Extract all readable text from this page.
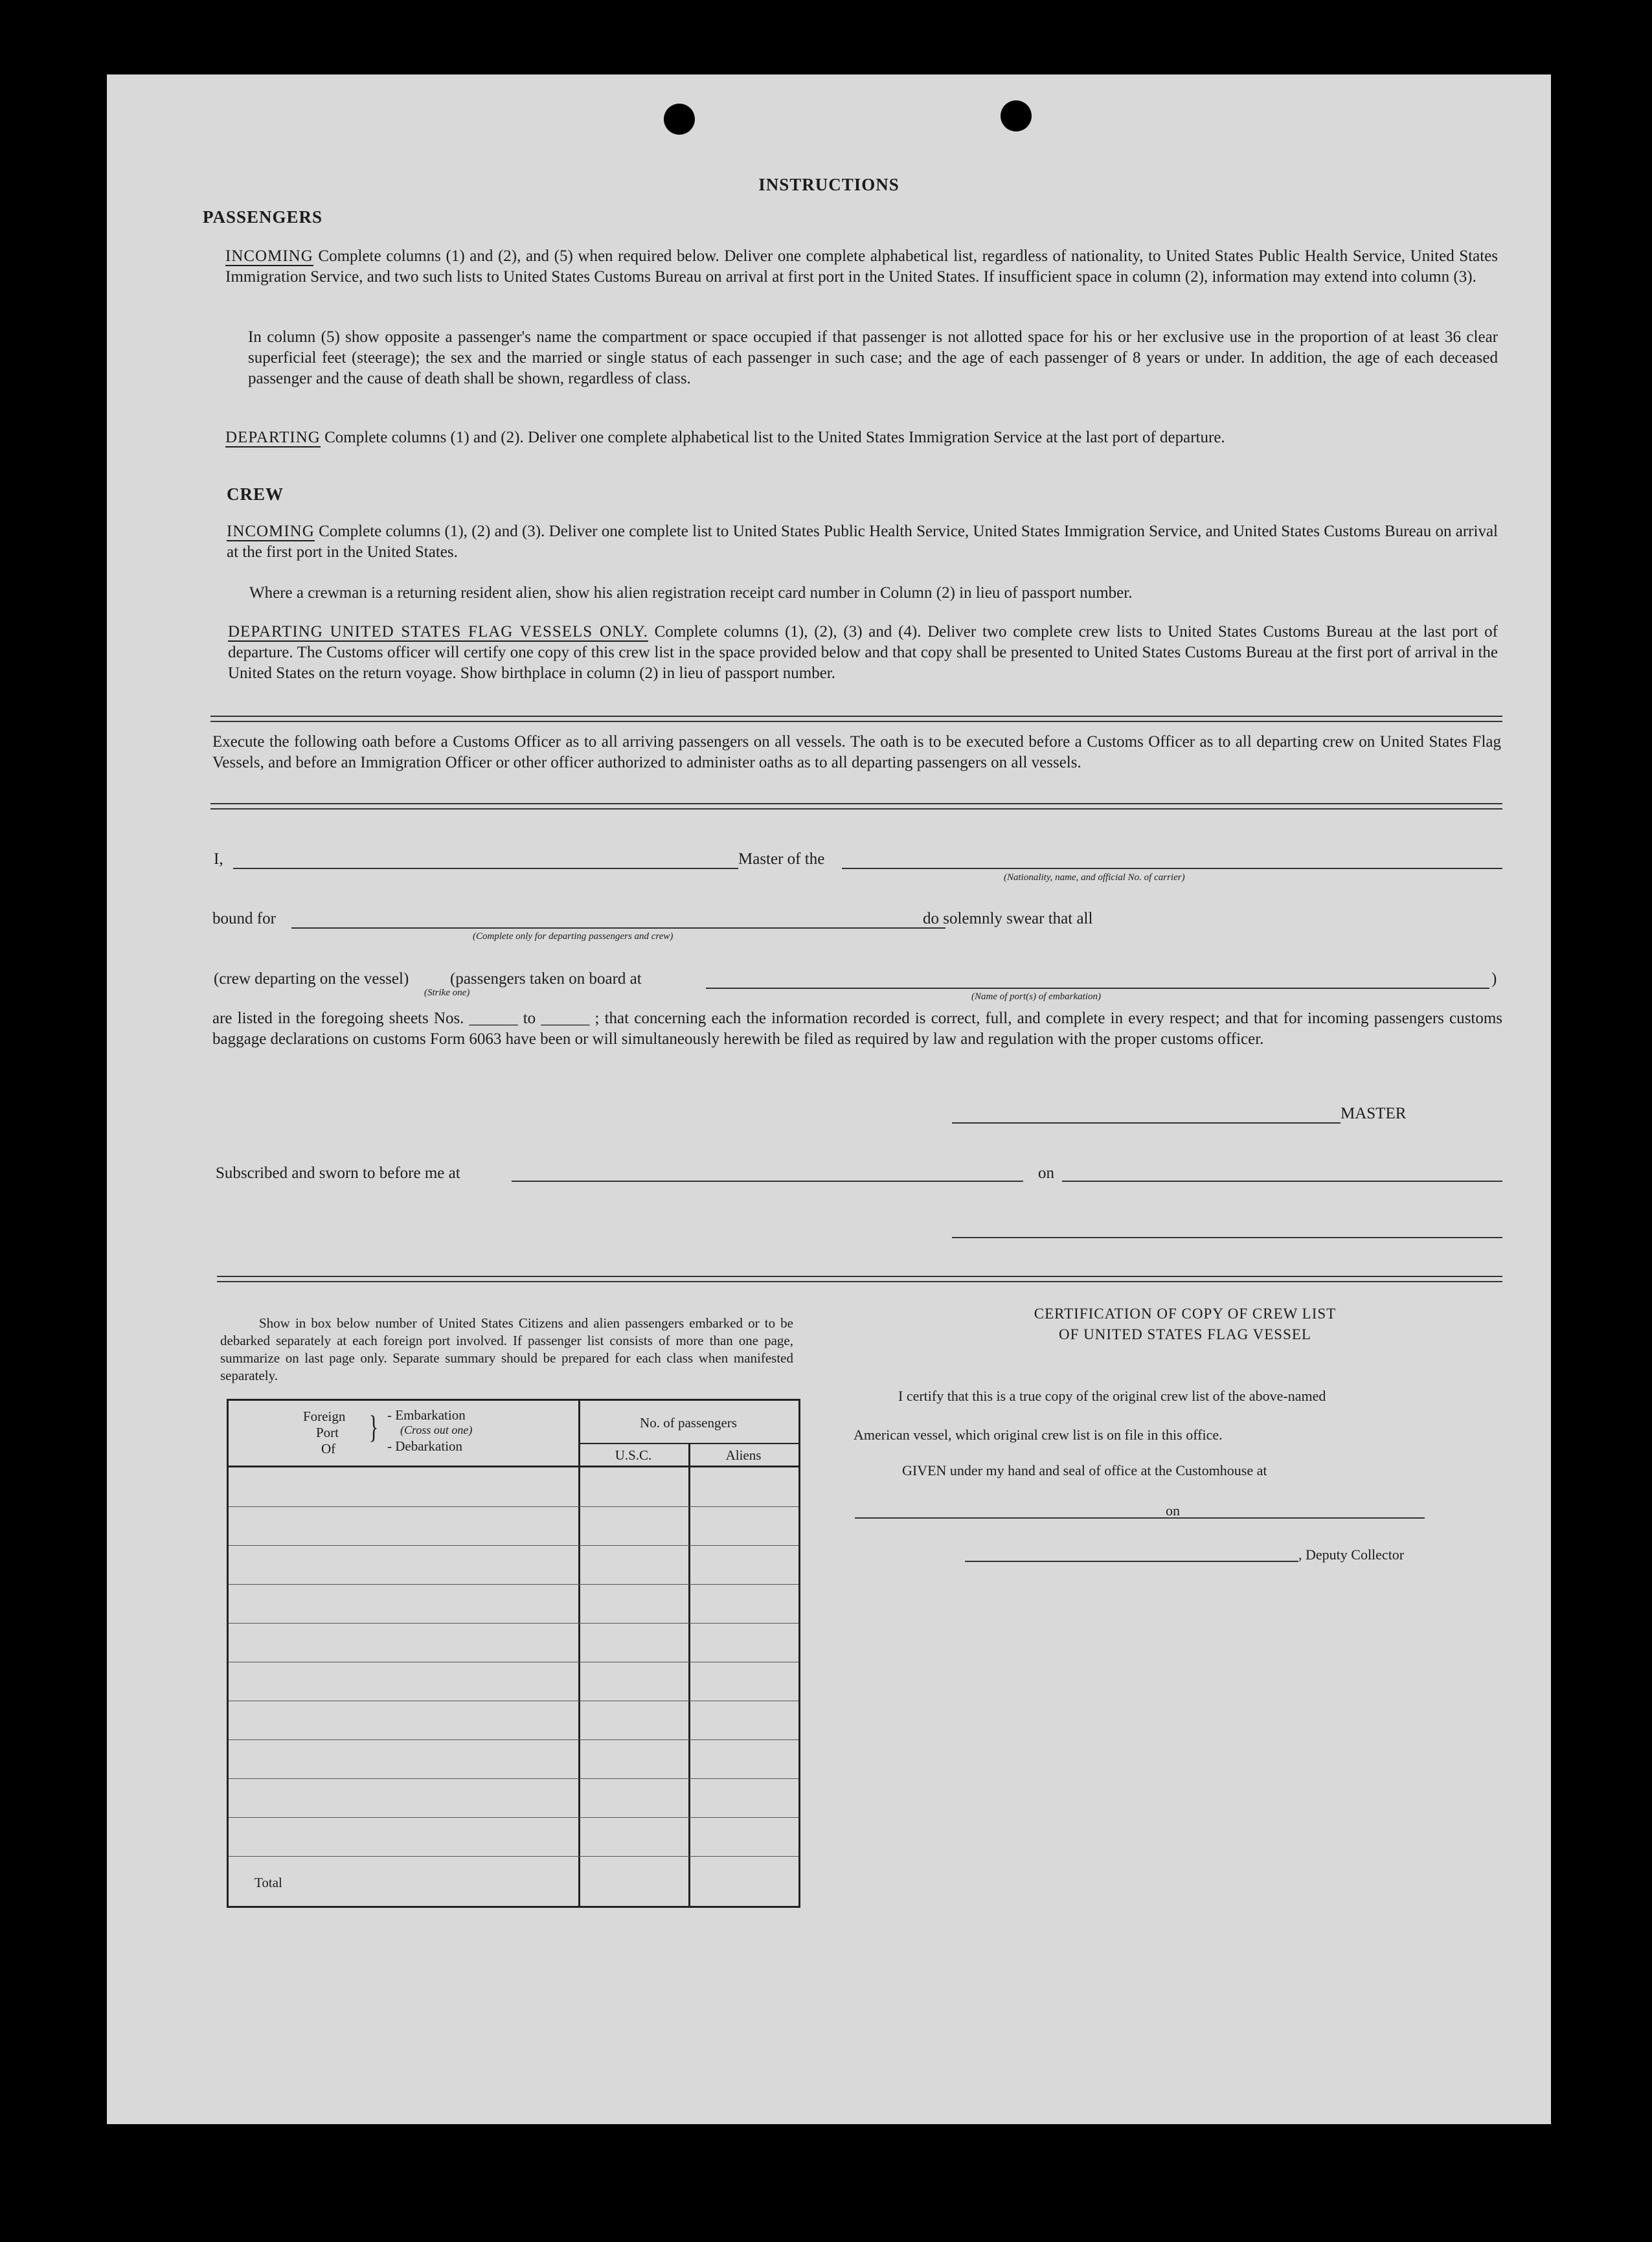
INSTRUCTIONS
PASSENGERS
INCOMING Complete columns (1) and (2), and (5) when required below. Deliver one complete alphabetical list, regardless of nationality, to United States Public Health Service, United States Immigration Service, and two such lists to United States Customs Bureau on arrival at first port in the United States. If insufficient space in column (2), information may extend into column (3).
In column (5) show opposite a passenger's name the compartment or space occupied if that passenger is not allotted space for his or her exclusive use in the proportion of at least 36 clear superficial feet (steerage); the sex and the married or single status of each passenger in such case; and the age of each passenger of 8 years or under. In addition, the age of each deceased passenger and the cause of death shall be shown, regardless of class.
DEPARTING Complete columns (1) and (2). Deliver one complete alphabetical list to the United States Immigration Service at the last port of departure.
CREW
INCOMING Complete columns (1), (2) and (3). Deliver one complete list to United States Public Health Service, United States Immigration Service, and United States Customs Bureau on arrival at the first port in the United States.
Where a crewman is a returning resident alien, show his alien registration receipt card number in Column (2) in lieu of passport number.
DEPARTING UNITED STATES FLAG VESSELS ONLY. Complete columns (1), (2), (3) and (4). Deliver two complete crew lists to United States Customs Bureau at the last port of departure. The Customs officer will certify one copy of this crew list in the space provided below and that copy shall be presented to United States Customs Bureau at the first port of arrival in the United States on the return voyage. Show birthplace in column (2) in lieu of passport number.
Execute the following oath before a Customs Officer as to all arriving passengers on all vessels. The oath is to be executed before a Customs Officer as to all departing crew on United States Flag Vessels, and before an Immigration Officer or other officer authorized to administer oaths as to all departing passengers on all vessels.
I,	Master of the
(Nationality, name, and official No. of carrier)
bound for
(Complete only for departing passengers and crew)
do solemnly swear that all
(crew departing on the vessel)
(Strike one)
(passengers taken on board at
(Name of port(s) of embarkation)
)
are listed in the foregoing sheets Nos. ______ to ______ ; that concerning each the information recorded is correct, full, and complete in every respect; and that for incoming passengers customs baggage declarations on customs Form 6063 have been or will simultaneously herewith be filed as required by law and regulation with the proper customs officer.
MASTER
Subscribed and sworn to before me at	on
Show in box below number of United States Citizens and alien passengers embarked or to be debarked separately at each foreign port involved. If passenger list consists of more than one page, summarize on last page only. Separate summary should be prepared for each class when manifested separately.
Foreign
Port
Of
} - Embarkation
(Cross out one)
- Debarkation
No. of passengers
U.S.C.	Aliens
Total
CERTIFICATION OF COPY OF CREW LIST
OF UNITED STATES FLAG VESSEL
I certify that this is a true copy of the original crew list of the above-named
American vessel, which original crew list is on file in this office.
GIVEN under my hand and seal of office at the Customhouse at
on
, Deputy Collector
